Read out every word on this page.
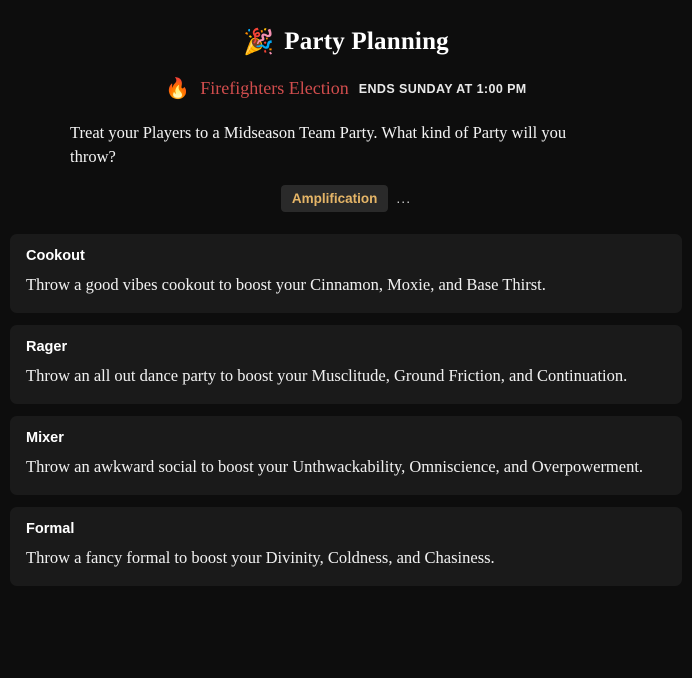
🎉 Party Planning
🔥 Firefighters Election ENDS SUNDAY AT 1:00 PM
Treat your Players to a Midseason Team Party. What kind of Party will you throw?
Amplification	...
Cookout
Throw a good vibes cookout to boost your Cinnamon, Moxie, and Base Thirst.
Rager
Throw an all out dance party to boost your Musclitude, Ground Friction, and Continuation.
Mixer
Throw an awkward social to boost your Unthwackability, Omniscience, and Overpowerment.
Formal
Throw a fancy formal to boost your Divinity, Coldness, and Chasiness.
